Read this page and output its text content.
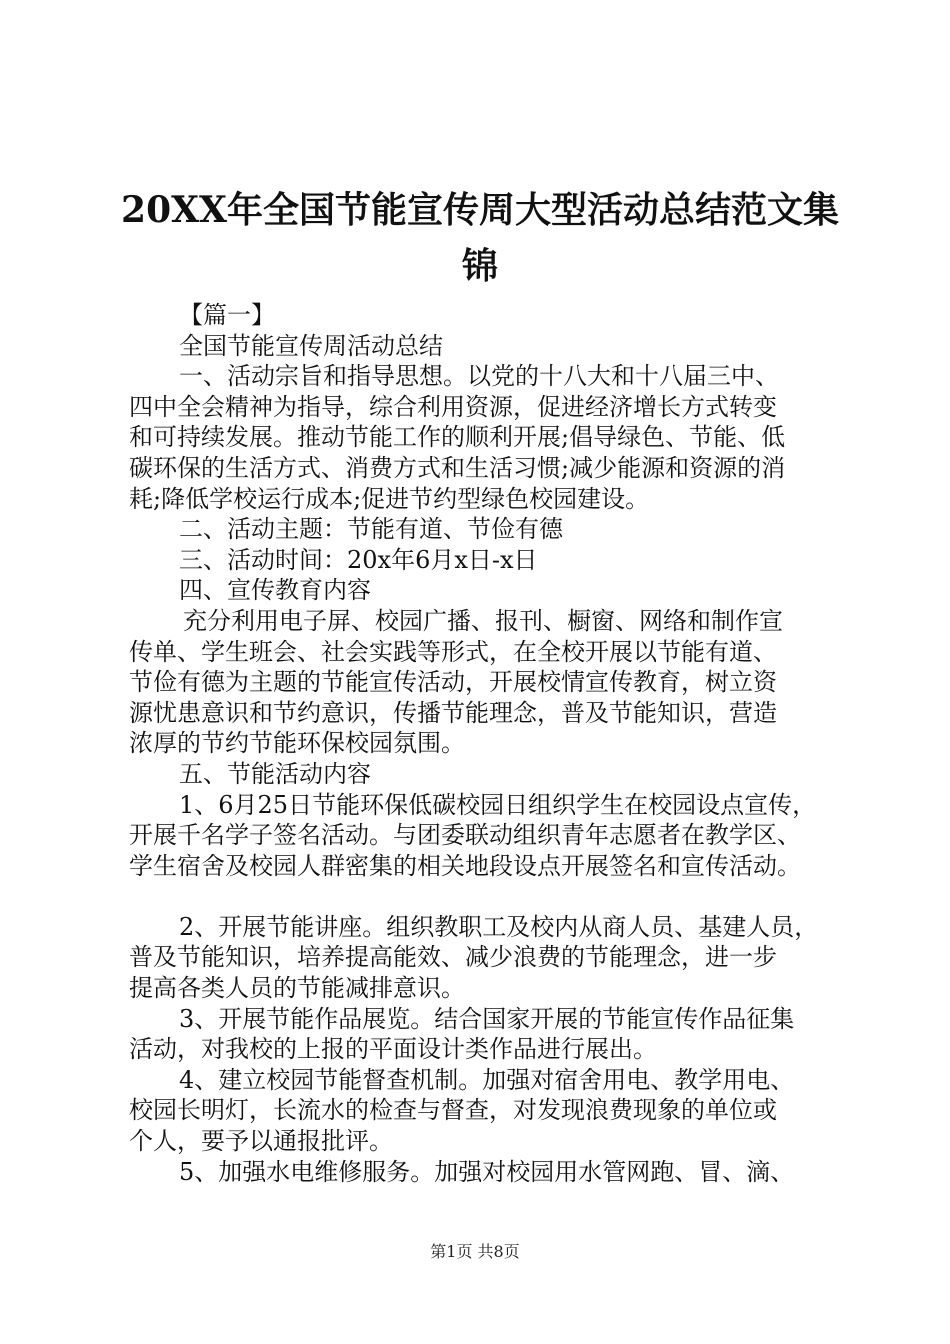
20XX年全国节能宣传周大型活动总结范文集
锦
【篇一】
全国节能宣传周活动总结
一、活动宗旨和指导思想。以党的十八大和十八届三中、
四中全会精神为指导，综合利用资源，促进经济增长方式转变
和可持续发展。推动节能工作的顺利开展;倡导绿色、节能、低
碳环保的生活方式、消费方式和生活习惯;减少能源和资源的消
耗;降低学校运行成本;促进节约型绿色校园建设。
二、活动主题：节能有道、节俭有德
三、活动时间：20x年6月x日-x日
四、宣传教育内容
充分利用电子屏、校园广播、报刊、橱窗、网络和制作宣
传单、学生班会、社会实践等形式，在全校开展以节能有道、
节俭有德为主题的节能宣传活动，开展校情宣传教育，树立资
源忧患意识和节约意识，传播节能理念，普及节能知识，营造
浓厚的节约节能环保校园氛围。
五、节能活动内容
1、6月25日节能环保低碳校园日组织学生在校园设点宣传，
开展千名学子签名活动。与团委联动组织青年志愿者在教学区、
学生宿舍及校园人群密集的相关地段设点开展签名和宣传活动。
2、开展节能讲座。组织教职工及校内从商人员、基建人员，
普及节能知识，培养提高能效、减少浪费的节能理念，进一步
提高各类人员的节能减排意识。
3、开展节能作品展览。结合国家开展的节能宣传作品征集
活动，对我校的上报的平面设计类作品进行展出。
4、建立校园节能督查机制。加强对宿舍用电、教学用电、
校园长明灯，长流水的检查与督查，对发现浪费现象的单位或
个人，要予以通报批评。
5、加强水电维修服务。加强对校园用水管网跑、冒、滴、
第1页 共8页
